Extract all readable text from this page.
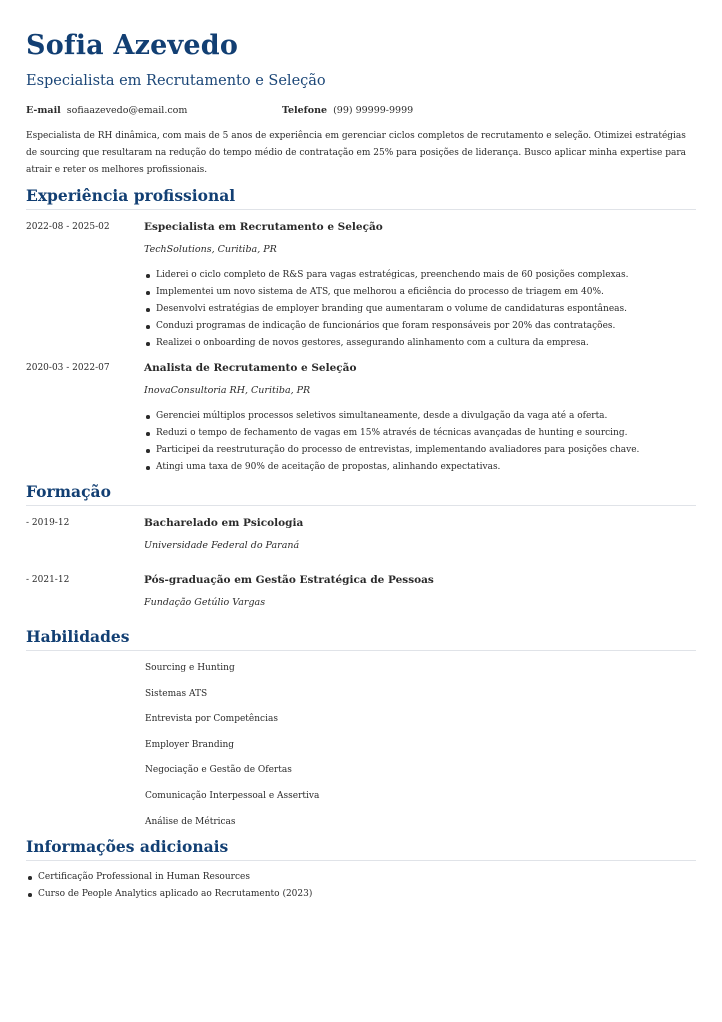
Sofia Azevedo
Especialista em Recrutamento e Seleção
E-mail sofiaazevedo@email.com	Telefone (99) 99999-9999

Especialista de RH dinâmica, com mais de 5 anos de experiência em gerenciar ciclos completos de recrutamento e seleção. Otimizei estratégias de sourcing que resultaram na redução do tempo médio de contratação em 25% para posições de liderança. Busco aplicar minha expertise para atrair e reter os melhores profissionais.

Experiência profissional
2022-08 - 2025-02	Especialista em Recrutamento e Seleção
TechSolutions, Curitiba, PR
Liderei o ciclo completo de R&S para vagas estratégicas, preenchendo mais de 60 posições complexas.
Implementei um novo sistema de ATS, que melhorou a eficiência do processo de triagem em 40%.
Desenvolvi estratégias de employer branding que aumentaram o volume de candidaturas espontâneas.
Conduzi programas de indicação de funcionários que foram responsáveis por 20% das contratações.
Realizei o onboarding de novos gestores, assegurando alinhamento com a cultura da empresa.
2020-03 - 2022-07	Analista de Recrutamento e Seleção
InovaConsultoria RH, Curitiba, PR
Gerenciei múltiplos processos seletivos simultaneamente, desde a divulgação da vaga até a oferta.
Reduzi o tempo de fechamento de vagas em 15% através de técnicas avançadas de hunting e sourcing.
Participei da reestruturação do processo de entrevistas, implementando avaliadores para posições chave.
Atingi uma taxa de 90% de aceitação de propostas, alinhando expectativas.
Formação
- 2019-12	Bacharelado em Psicologia
Universidade Federal do Paraná
- 2021-12	Pós-graduação em Gestão Estratégica de Pessoas
Fundação Getúlio Vargas
Habilidades
Sourcing e Hunting
Sistemas ATS
Entrevista por Competências
Employer Branding
Negociação e Gestão de Ofertas
Comunicação Interpessoal e Assertiva
Análise de Métricas
Informações adicionais
Certificação Professional in Human Resources
Curso de People Analytics aplicado ao Recrutamento (2023)
